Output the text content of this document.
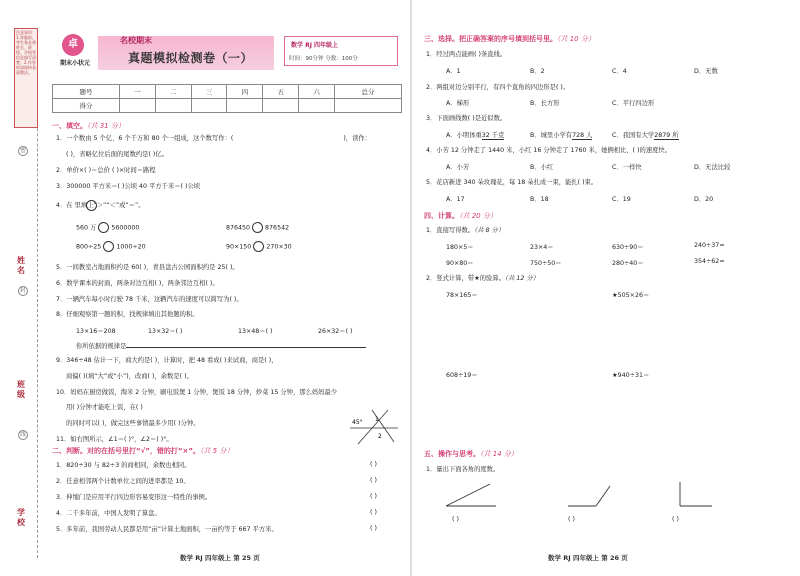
注意事项：1.答题前，考生务必将姓名、班级、学校等信息填写清楚。2.作答时请保持卷面整洁。
密
姓
名
封
班
级
线
学
校
卓
期末小状元
名校期末
真题模拟检测卷（一）
数学 RJ 四年级上
时间：90分钟 分数：100分
题号	一	二	三	四	五	六	总分
得分							
一、填空。（共 31 分）
1．一个数由 5 个亿、6 个千万和 80 个一组成，这个数写作：(	)，读作：
( )，省略亿位后面的尾数约是( )亿。
2．单价×( )＝总价 ( )×时间＝路程
3．300000 平方米＝( )公顷 40 平方千米＝( )公顷
4．在 里填上“＞”“＜”或“＝”。
560 万 5600000	876450 876542
800÷25 1000÷20	90×150 270×30
5．一间教室占地面积约是 60( )，青县盘古公园面积约是 25( )。
6．数学课本的封面，两条对边互相( )，两条邻边互相( )。
7．一辆汽车每小时行驶 78 千米，这辆汽车的速度可以简写为( )。
8．仔细观察第一题的积，找规律填出其他题的积。
13×16＝208	13×32＝( )	13×48＝( )	26×32＝( )
你所依据的规律是
9．346÷48 估计一下，商大约是( )，计算时，把 48 看成( )来试商，商是( )，
商偏( )(填“大”或“小”)，改商( )，余数是( )。
10．妈妈在厨房做饭，淘米 2 分钟，刷电饭煲 1 分钟，煲饭 18 分钟，炒菜 15 分钟，那么妈妈最少
用( )分钟才能吃上饭，在( )
的同时可以( )，做完这些事情最多少用( )分钟。
11．如右图所示，∠1＝( )°，∠2＝( )°。
45° 1
2
二、判断。对的在括号里打“√”，错的打“×”。（共 5 分）
1．820÷30 与 82÷3 的商相同，余数也相同。	( )
2．任意相邻两个计数单位之间的进率都是 10。	( )
3．伸缩门是应用平行四边形容易变形这一特性的事例。	( )
4．二千多年前，中国人发明了算盘。	( )
5．多年前，我国劳动人民都是用“亩”计算土地面积，一亩约等于 667 平方米。	( )
数学 RJ 四年级上 第 25 页
三、选择。把正确答案的序号填到括号里。（共 10 分）
1．经过两点能画( )条直线。
A．1	B．2	C．4	D．无数
2．两组对边分别平行，有四个直角的四边形是( )。
A．梯形	B．长方形	C．平行四边形
3．下面画线数( )是近似数。
A．小明体重32 千克	B．城里小学有728 人	C．我国有大学2879 所
4．小芳 12 分钟走了 1440 米，小红 16 分钟走了 1760 米，她俩相比，( )的速度快。
A．小芳	B．小红	C．一样快	D．无法比较
5．花店新进 340 朵玫瑰花，每 18 朵扎成一束，能扎( )束。
A．17	B．18	C．19	D．20
四、计算。（共 20 分）
1．直接写得数。（共 8 分）
180×5＝	23×4＝	630÷90＝	240÷37≈
90×80＝	750÷50＝	280÷40＝	354÷62≈
2．竖式计算，带★的验算。（共 12 分）
78×165＝	★505×26＝
608÷19＝	★940÷31＝
五、操作与思考。（共 14 分）
1．量出下面各角的度数。
( )	( )	( )
数学 RJ 四年级上 第 26 页
